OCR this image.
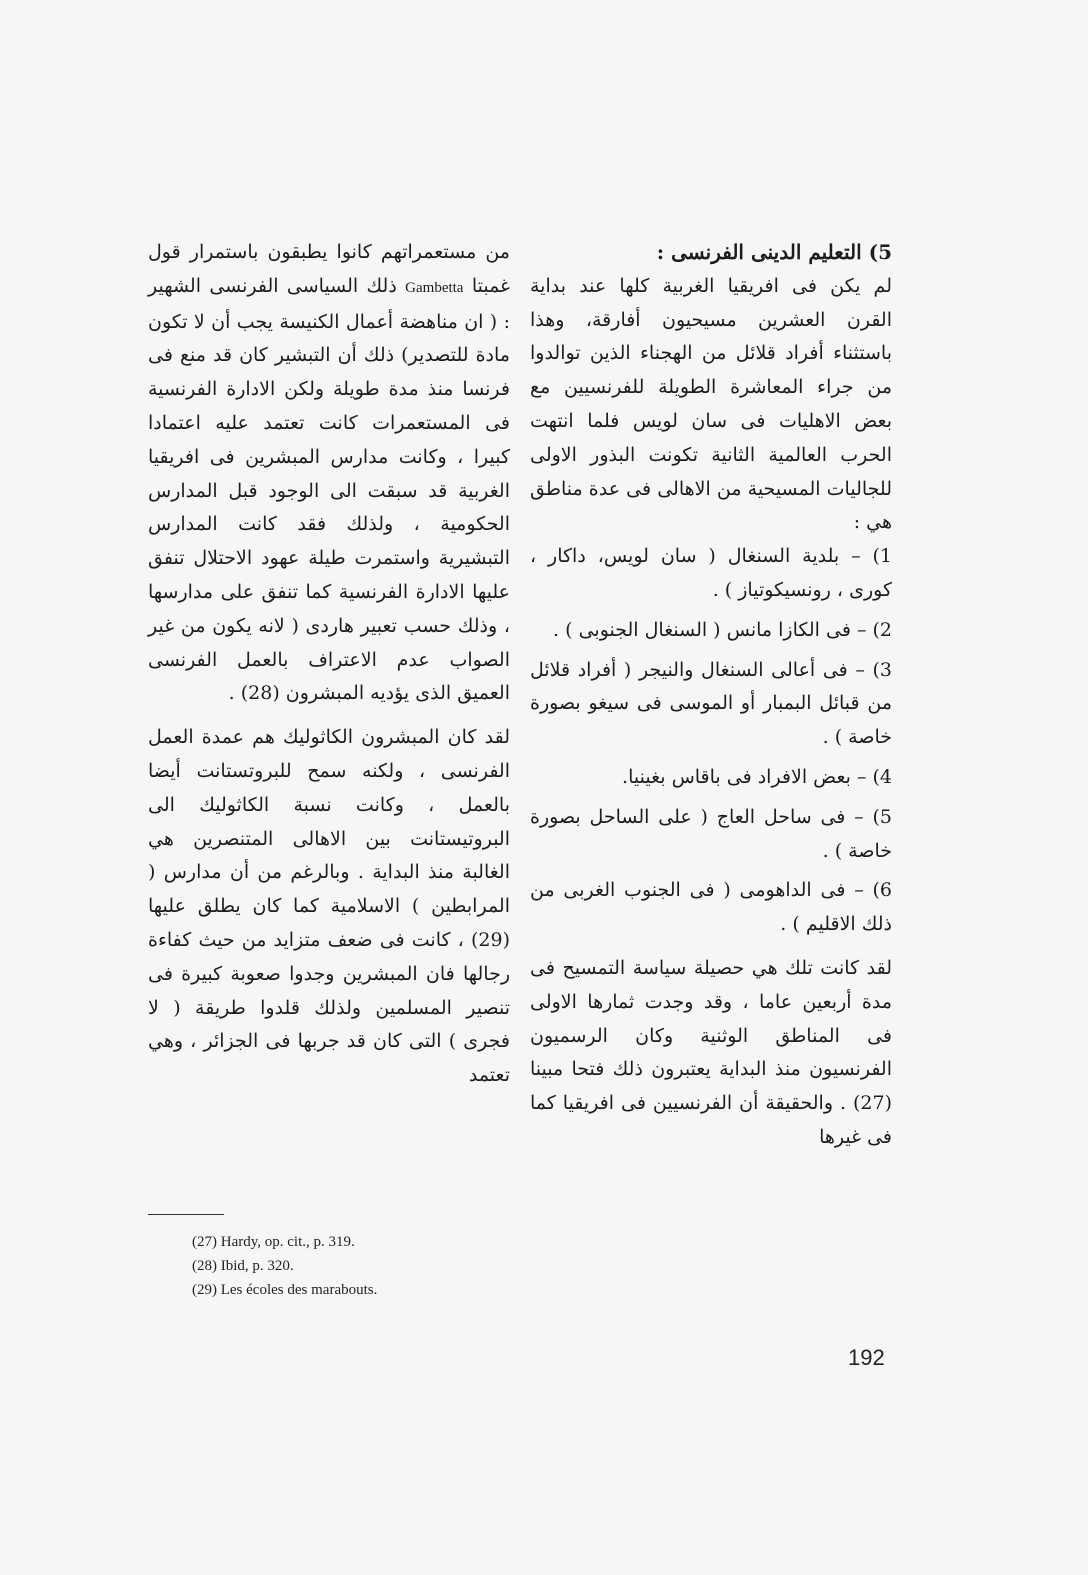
5) التعليم الدينى الفرنسى :

لم يكن فى افريقيا الغربية كلها عند بداية القرن العشرين مسيحيون أفارقة، وهذا باستثناء أفراد قلائل من الهجناء الذين توالدوا من جراء المعاشرة الطويلة للفرنسيين مع بعض الاهليات فى سان لويس فلما انتهت الحرب العالمية الثانية تكونت البذور الاولى للجاليات المسيحية من الاهالى فى عدة مناطق هي :

1) – بلدية السنغال ( سان لويس، داكار ، كورى ، رونسيكوتياز ) .

2) – فى الكازا مانس ( السنغال الجنوبى ) .

3) – فى أعالى السنغال والنيجر ( أفراد قلائل من قبائل البمبار أو الموسى فى سيغو بصورة خاصة ) .

4) – بعض الافراد فى باقاس بغينيا.

5) – فى ساحل العاج ( على الساحل بصورة خاصة ) .

6) – فى الداهومى ( فى الجنوب الغربى من ذلك الاقليم ) .

لقد كانت تلك هي حصيلة سياسة التمسيح فى مدة أربعين عاما ، وقد وجدت ثمارها الاولى فى المناطق الوثنية وكان الرسميون الفرنسيون منذ البداية يعتبرون ذلك فتحا مبينا (27) . والحقيقة أن الفرنسيين فى افريقيا كما فى غيرها

من مستعمراتهم كانوا يطبقون باستمرار قول غمبتا Gambetta ذلك السياسى الفرنسى الشهير : ( ان مناهضة أعمال الكنيسة يجب أن لا تكون مادة للتصدير) ذلك أن التبشير كان قد منع فى فرنسا منذ مدة طويلة ولكن الادارة الفرنسية فى المستعمرات كانت تعتمد عليه اعتمادا كبيرا ، وكانت مدارس المبشرين فى افريقيا الغربية قد سبقت الى الوجود قبل المدارس الحكومية ، ولذلك فقد كانت المدارس التبشيرية واستمرت طيلة عهود الاحتلال تنفق عليها الادارة الفرنسية كما تنفق على مدارسها ، وذلك حسب تعبير هاردى ( لانه يكون من غير الصواب عدم الاعتراف بالعمل الفرنسى العميق الذى يؤديه المبشرون (28) .

لقد كان المبشرون الكاثوليك هم عمدة العمل الفرنسى ، ولكنه سمح للبروتستانت أيضا بالعمل ، وكانت نسبة الكاثوليك الى البروتيستانت بين الاهالى المتنصرين هي الغالبة منذ البداية . وبالرغم من أن مدارس ( المرابطين ) الاسلامية كما كان يطلق عليها (29) ، كانت فى ضعف متزايد من حيث كفاءة رجالها فان المبشرين وجدوا صعوبة كبيرة فى تنصير المسلمين ولذلك قلدوا طريقة ( لا فجرى ) التى كان قد جربها فى الجزائر ، وهي تعتمد

(27) Hardy, op. cit., p. 319.
(28) Ibid, p. 320.
(29) Les écoles des marabouts.
192
